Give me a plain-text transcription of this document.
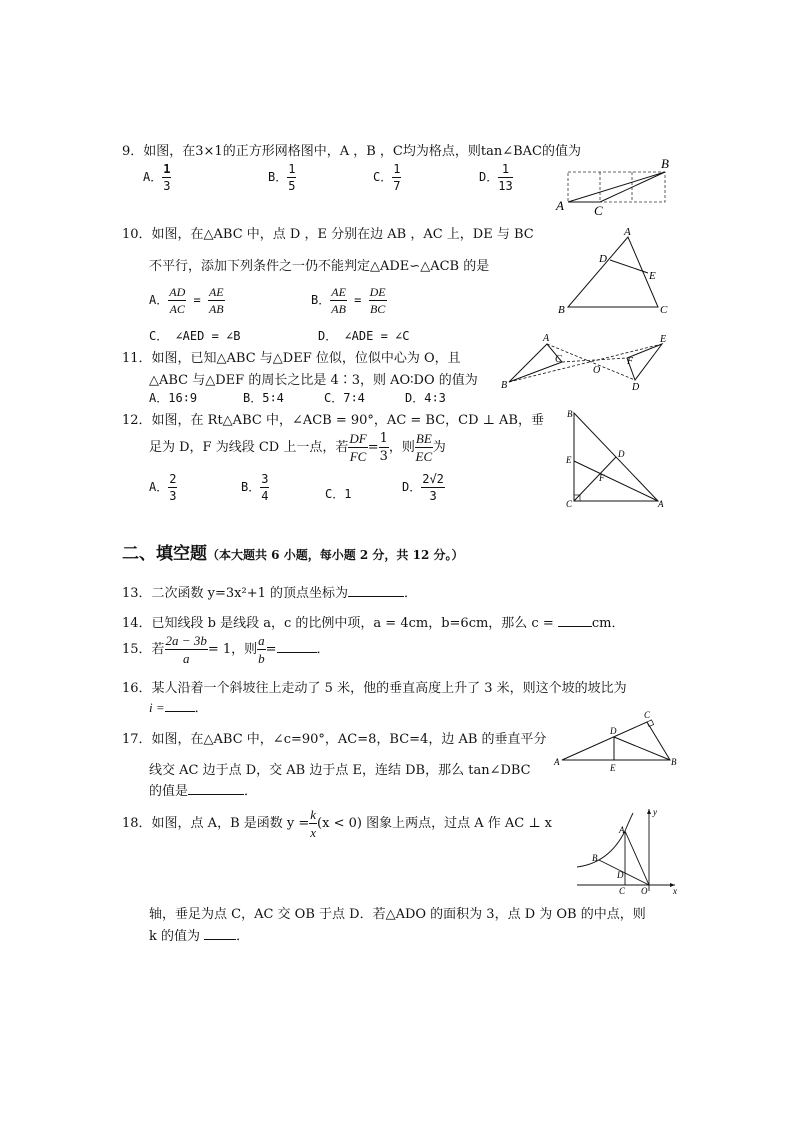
9．如图，在3×1的正方形网格图中，A ，B ，C均为格点，则tan∠BAC的值为
A． $\frac{1}{3}$	B． $\frac{1}{5}$	C． $\frac{1}{7}$	D． $\frac{1}{13}$
A
B
C
10．如图，在△ABC 中，点 D ，E 分别在边 AB ，AC 上，DE 与 BC
不平行，添加下列条件之一仍不能判定△ADE∽△ACB 的是
A． $\frac{AD}{AC} = \frac{AE}{AB}$	B． $\frac{AE}{AB} = \frac{DE}{BC}$
C． ∠AED = ∠B	D． ∠ADE = ∠C
A
B	C
D
E
11．如图，已知△ABC 与△DEF 位似，位似中心为 O，且
△ABC 与△DEF 的周长之比是 4∶3，则 AO∶DO 的值为
A．16∶9	B．5∶4	C．7∶4	D．4∶3
A
B
C
D
E
F
O
12．如图，在 Rt△ABC 中，∠ACB = 90°，AC = BC，CD ⊥ AB，垂
足为 D，F 为线段 CD 上一点，若 $\frac{DF}{FC} = \frac{1}{3}$ ，则 $\frac{BE}{EC}$ 为
A． $\frac{2}{3}$	B． $\frac{3}{4}$	C．1	D． $\frac{2√2}{3}$
B
C	A
D
E
F
二、填空题（本大题共 6 小题，每小题 2 分，共 12 分。）
13．二次函数 y=3x²+1 的顶点坐标为	．
14．已知线段 b 是线段 a，c 的比例中项，a = 4cm，b=6cm，那么 c =	cm．
15．若 $\frac{2a - 3b}{a} = 1$，则 $\frac{a}{b}$ =	．
16．某人沿着一个斜坡往上走动了 5 米，他的垂直高度上升了 3 米，则这个坡的坡比为
i = ．
17．如图，在△ABC 中，∠c=90°，AC=8，BC=4，边 AB 的垂直平分
线交 AC 边于点 D，交 AB 边于点 E，连结 DB，那么 tan∠DBC
的值是	．
A	B
C
D
E
18．如图，点 A，B 是函数 $y = \frac{k}{x} (x < 0)$ 图象上两点，过点 A 作 AC ⊥ x
轴，垂足为点 C，AC 交 OB 于点 D．若△ADO 的面积为 3，点 D 为 OB 的中点，则
k 的值为	．
A
B
C
D
O	x
y
